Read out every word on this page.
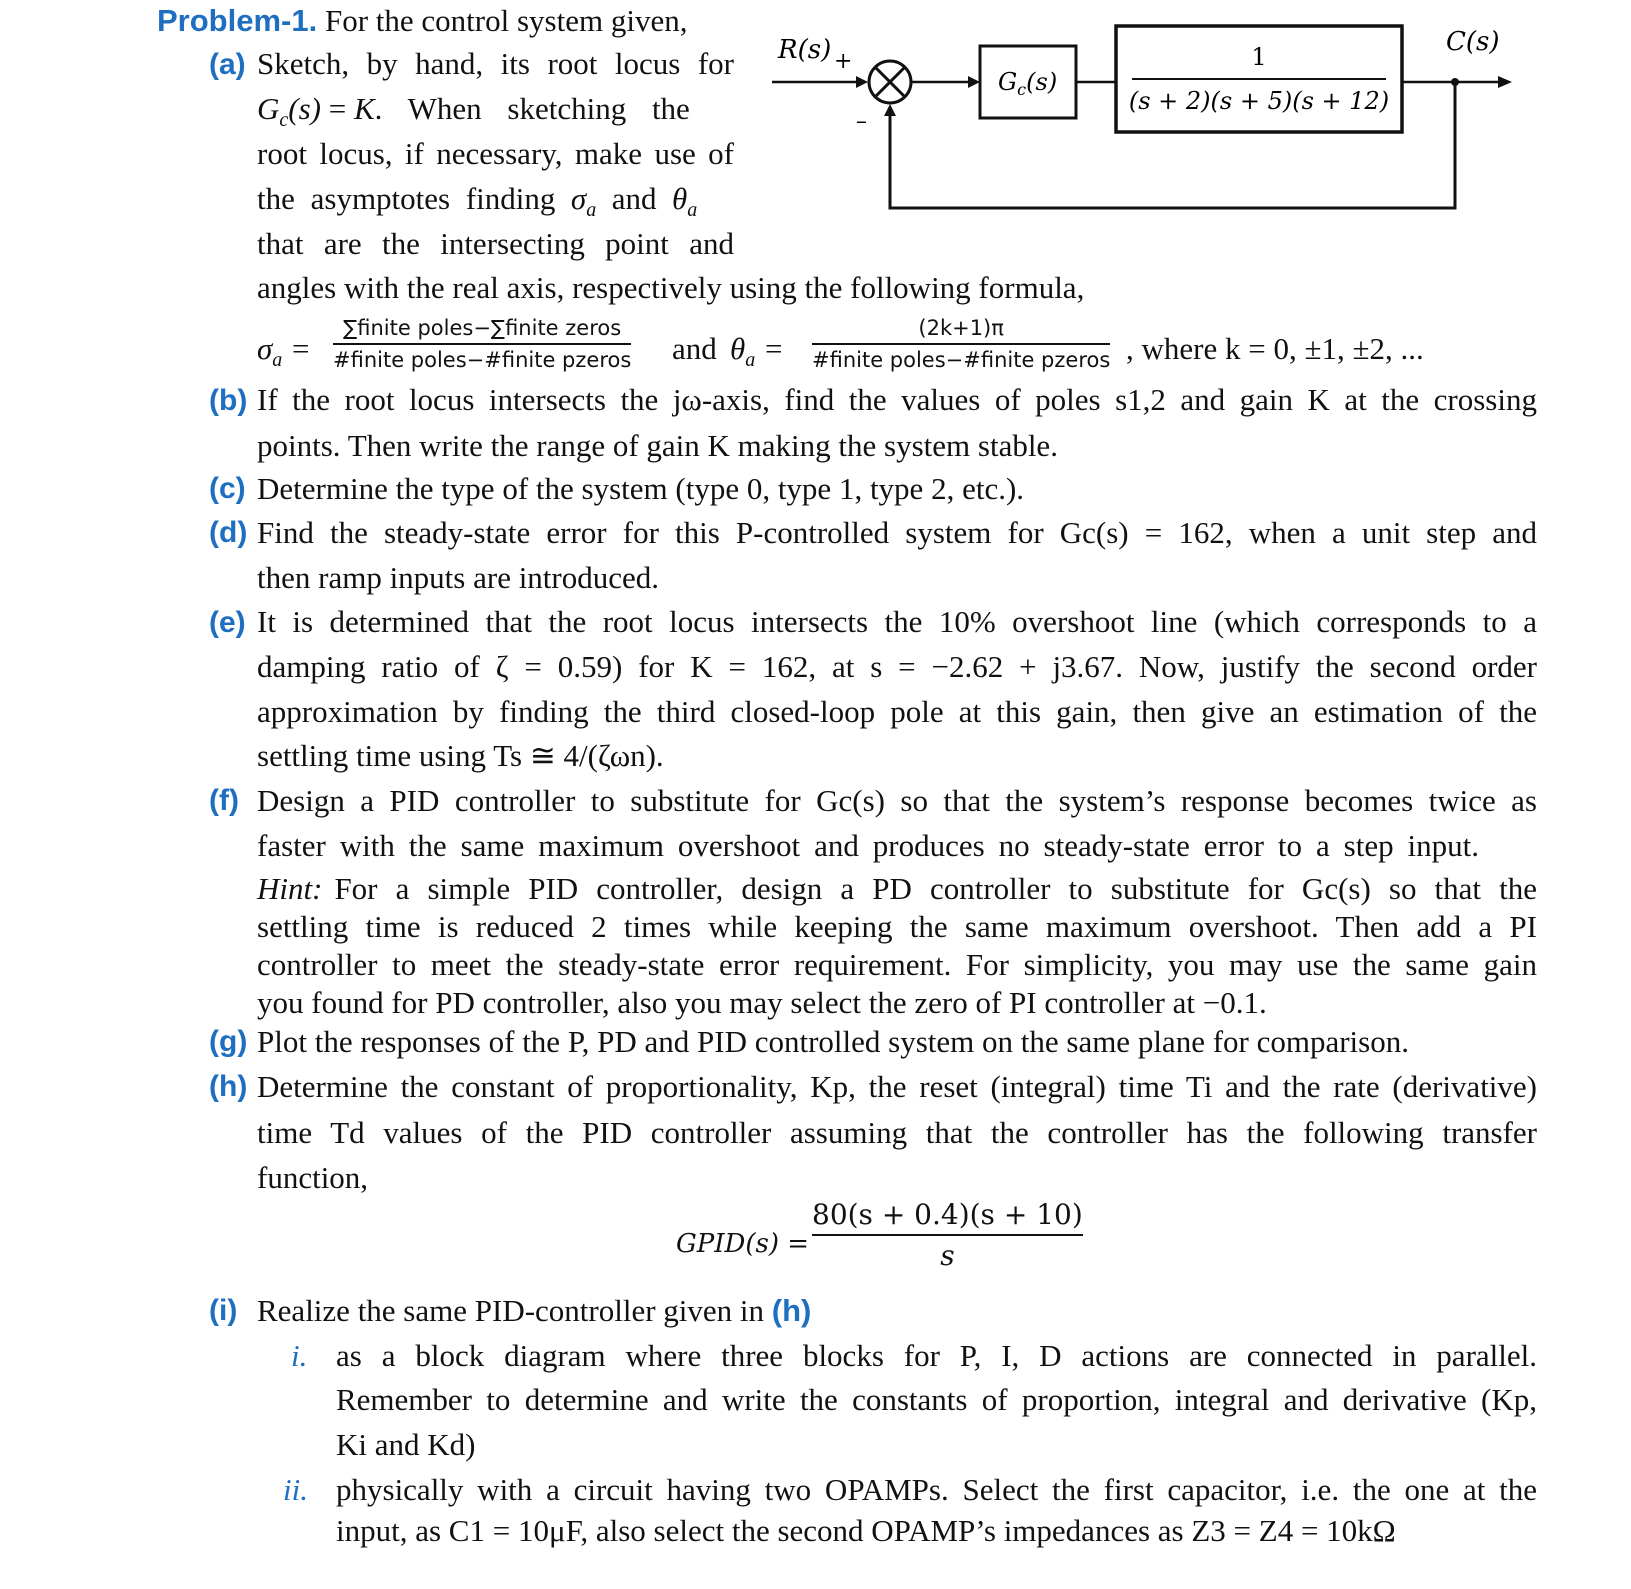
Problem-1. For the control system given,
R(s) +
–
$G_c(s)$
1
(s + 2)(s + 5)(s + 12)
C(s)
(a) Sketch, by hand, its root locus for
$G_c(s) = K$. When sketching the
root locus, if necessary, make use of
the asymptotes finding  $\sigma_a$ and  $\theta_a$
that are the intersecting point and
angles with the real axis, respectively using the following formula,
$\sigma_a$ =
∑finite poles−∑finite zeros
#finite poles−#finite pzeros and $\theta_a$ =
(2k+1)π
#finite poles−#finite pzeros , where k = 0, ±1, ±2, ...
(b) If the root locus intersects the jω-axis, find the values of poles s1,2 and gain K at the crossing
points. Then write the range of gain K making the system stable.
(c) Determine the type of the system (type 0, type 1, type 2, etc.).
(d) Find the steady-state error for this P-controlled system for Gc(s) = 162, when a unit step and
then ramp inputs are introduced.
(e) It is determined that the root locus intersects the 10% overshoot line (which corresponds to a
damping ratio of ζ = 0.59) for K = 162, at s = −2.62 + j3.67. Now, justify the second order
approximation by finding the third closed-loop pole at this gain, then give an estimation of the
settling time using Ts ≅ 4/(ζωn).
(f) Design a PID controller to substitute for Gc(s) so that the system’s response becomes twice as
faster with the same maximum overshoot and produces no steady-state error to a step input.
Hint: For a simple PID controller, design a PD controller to substitute for Gc(s) so that the
settling time is reduced 2 times while keeping the same maximum overshoot. Then add a PI
controller to meet the steady-state error requirement. For simplicity, you may use the same gain
you found for PD controller, also you may select the zero of PI controller at −0.1.
(g) Plot the responses of the P, PD and PID controlled system on the same plane for comparison.
(h) Determine the constant of proportionality, Kp, the reset (integral) time Ti and the rate (derivative)
time Td values of the PID controller assuming that the controller has the following transfer
function,
GPID(s) =
80(s + 0.4)(s + 10)
s
(i) Realize the same PID-controller given in (h)
i. as a block diagram where three blocks for P, I, D actions are connected in parallel.
Remember to determine and write the constants of proportion, integral and derivative (Kp,
Ki and Kd)
ii. physically with a circuit having two OPAMPs. Select the first capacitor, i.e. the one at the
input, as C1 = 10μF, also select the second OPAMP’s impedances as Z3 = Z4 = 10kΩ
